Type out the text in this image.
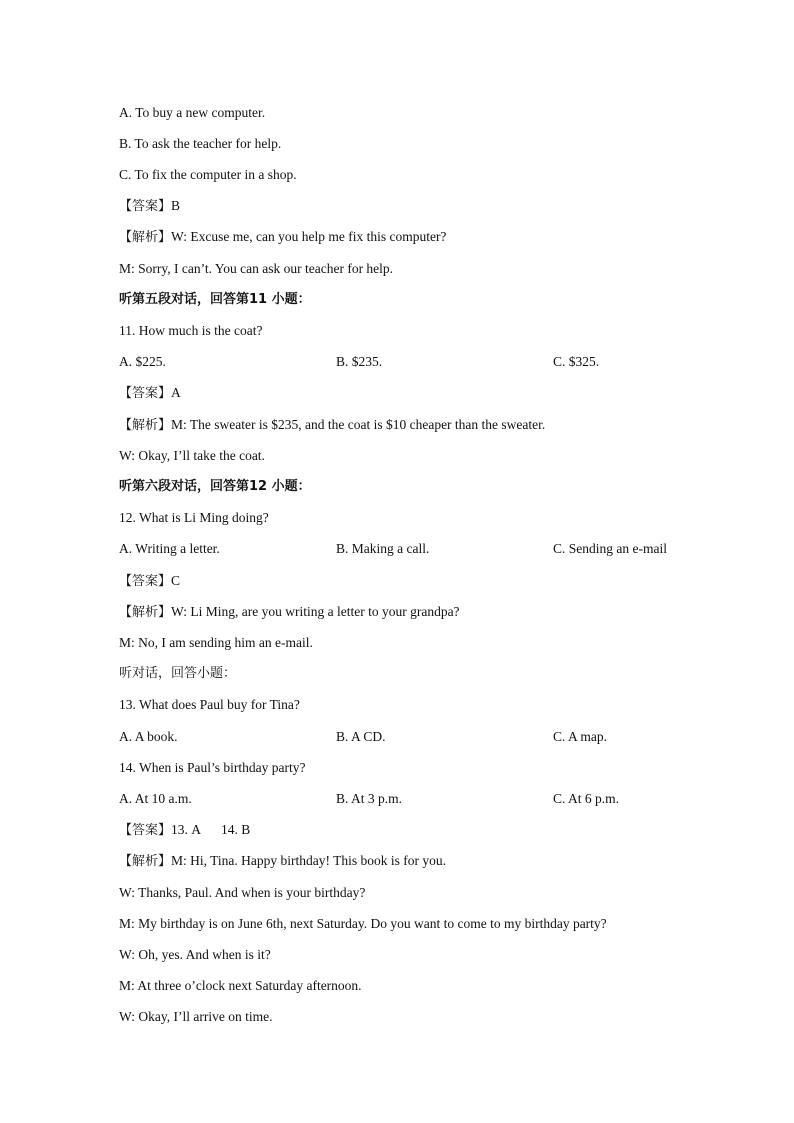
A. To buy a new computer.
B. To ask the teacher for help.
C. To fix the computer in a shop.
【答案】B
【解析】W: Excuse me, can you help me fix this computer?
M: Sorry, I can’t. You can ask our teacher for help.
听第五段对话，回答第11 小题：
11. How much is the coat?
A. $225.	B. $235.	C. $325.
【答案】A
【解析】M: The sweater is $235, and the coat is $10 cheaper than the sweater.
W: Okay, I’ll take the coat.
听第六段对话，回答第12 小题：
12. What is Li Ming doing?
A. Writing a letter.	B. Making a call.	C. Sending an e-mail
【答案】C
【解析】W: Li Ming, are you writing a letter to your grandpa?
M: No, I am sending him an e-mail.
听对话，回答小题：
13. What does Paul buy for Tina?
A. A book.	B. A CD.	C. A map.
14. When is Paul’s birthday party?
A. At 10 a.m.	B. At 3 p.m.	C. At 6 p.m.
【答案】13. A 14. B
【解析】M: Hi, Tina. Happy birthday! This book is for you.
W: Thanks, Paul. And when is your birthday?
M: My birthday is on June 6th, next Saturday. Do you want to come to my birthday party?
W: Oh, yes. And when is it?
M: At three o’clock next Saturday afternoon.
W: Okay, I’ll arrive on time.
